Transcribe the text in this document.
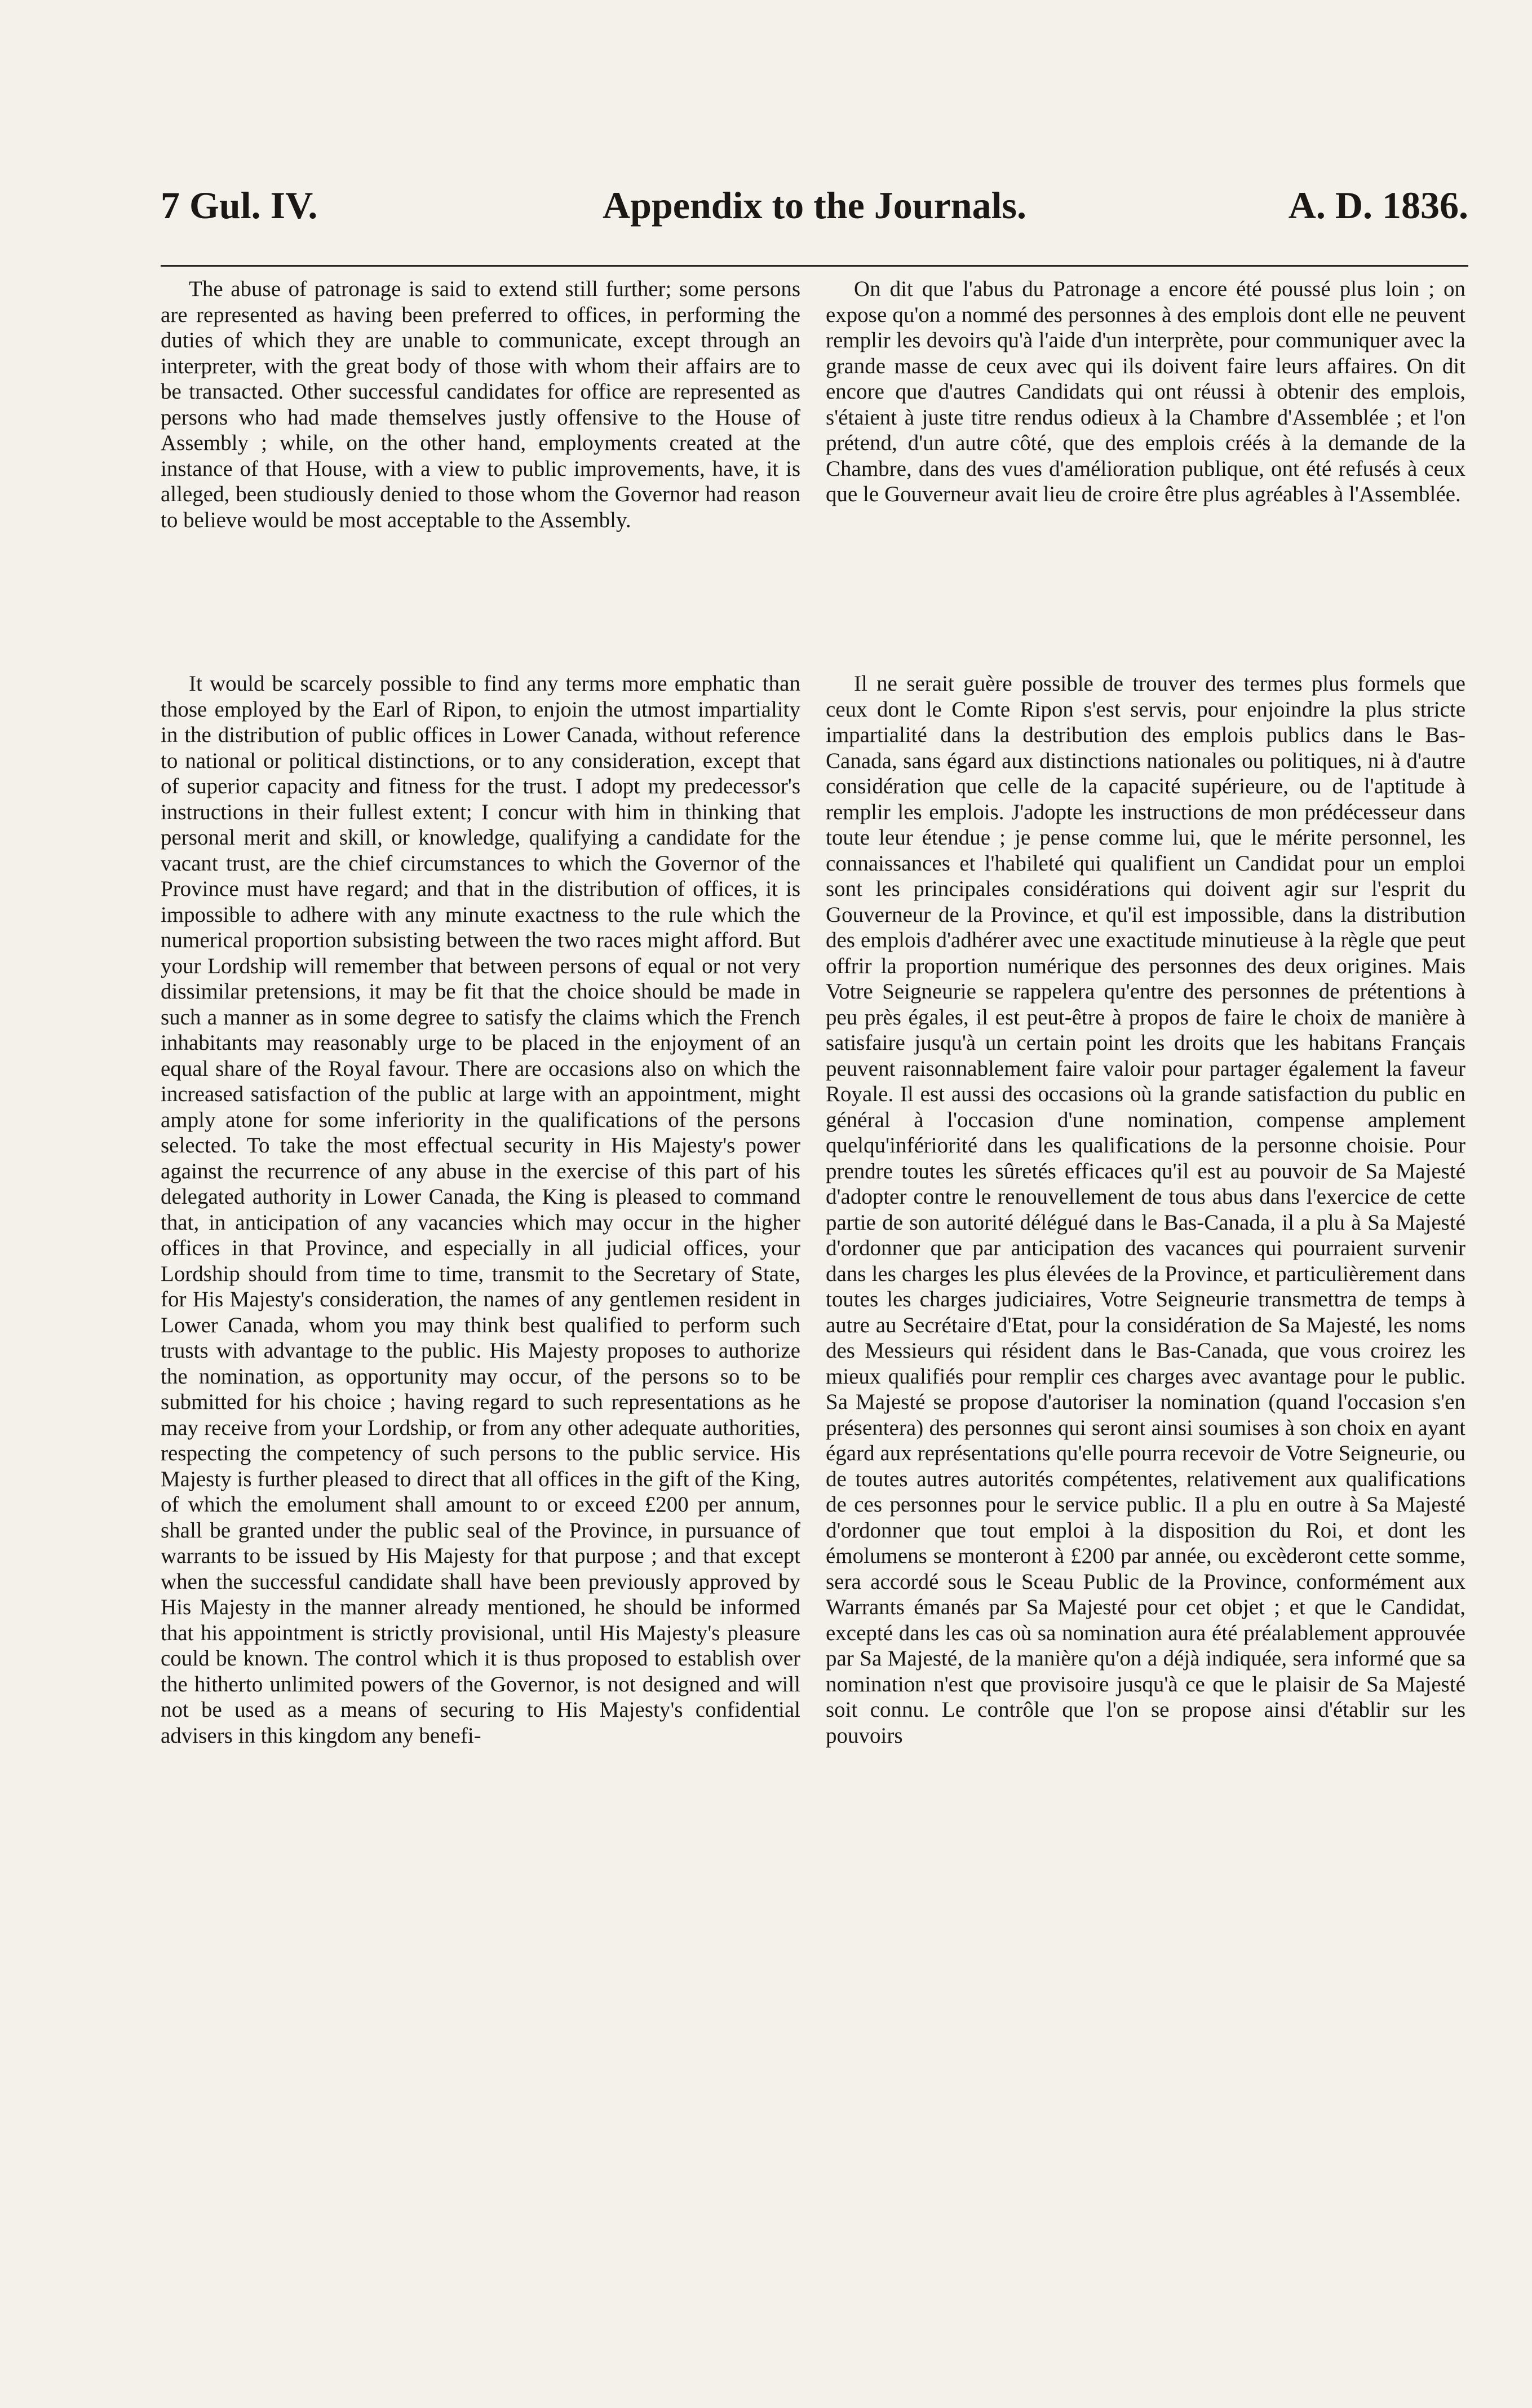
7 Gul. IV.	Appendix to the Journals.	A. D. 1836.

The abuse of patronage is said to extend still further; some persons are represented as having been preferred to offices, in performing the duties of which they are unable to communicate, except through an interpreter, with the great body of those with whom their affairs are to be transacted. Other successful candidates for office are represented as persons who had made themselves justly offensive to the House of Assembly ; while, on the other hand, employments created at the instance of that House, with a view to public improvements, have, it is alleged, been studiously denied to those whom the Governor had reason to believe would be most acceptable to the Assembly.

It would be scarcely possible to find any terms more emphatic than those employed by the Earl of Ripon, to enjoin the utmost impartiality in the distribution of public offices in Lower Canada, without reference to national or political distinctions, or to any consideration, except that of superior capacity and fitness for the trust. I adopt my predecessor's instructions in their fullest extent; I concur with him in thinking that personal merit and skill, or knowledge, qualifying a candidate for the vacant trust, are the chief circumstances to which the Governor of the Province must have regard; and that in the distribution of offices, it is impossible to adhere with any minute exactness to the rule which the numerical proportion subsisting between the two races might afford. But your Lordship will remember that between persons of equal or not very dissimilar pretensions, it may be fit that the choice should be made in such a manner as in some degree to satisfy the claims which the French inhabitants may reasonably urge to be placed in the enjoyment of an equal share of the Royal favour. There are occasions also on which the increased satisfaction of the public at large with an appointment, might amply atone for some inferiority in the qualifications of the persons selected. To take the most effectual security in His Majesty's power against the recurrence of any abuse in the exercise of this part of his delegated authority in Lower Canada, the King is pleased to command that, in anticipation of any vacancies which may occur in the higher offices in that Province, and especially in all judicial offices, your Lordship should from time to time, transmit to the Secretary of State, for His Majesty's consideration, the names of any gentlemen resident in Lower Canada, whom you may think best qualified to perform such trusts with advantage to the public. His Majesty proposes to authorize the nomination, as opportunity may occur, of the persons so to be submitted for his choice ; having regard to such representations as he may receive from your Lordship, or from any other adequate authorities, respecting the competency of such persons to the public service. His Majesty is further pleased to direct that all offices in the gift of the King, of which the emolument shall amount to or exceed £200 per annum, shall be granted under the public seal of the Province, in pursuance of warrants to be issued by His Majesty for that purpose ; and that except when the successful candidate shall have been previously approved by His Majesty in the manner already mentioned, he should be informed that his appointment is strictly provisional, until His Majesty's pleasure could be known. The control which it is thus proposed to establish over the hitherto unlimited powers of the Governor, is not designed and will not be used as a means of securing to His Majesty's confidential advisers in this kingdom any benefi-

On dit que l'abus du Patronage a encore été poussé plus loin ; on expose qu'on a nommé des personnes à des emplois dont elle ne peuvent remplir les devoirs qu'à l'aide d'un interprète, pour communiquer avec la grande masse de ceux avec qui ils doivent faire leurs affaires. On dit encore que d'autres Candidats qui ont réussi à obtenir des emplois, s'étaient à juste titre rendus odieux à la Chambre d'Assemblée ; et l'on prétend, d'un autre côté, que des emplois créés à la demande de la Chambre, dans des vues d'amélioration publique, ont été refusés à ceux que le Gouverneur avait lieu de croire être plus agréables à l'Assemblée.

Il ne serait guère possible de trouver des termes plus formels que ceux dont le Comte Ripon s'est servis, pour enjoindre la plus stricte impartialité dans la destribution des emplois publics dans le Bas-Canada, sans égard aux distinctions nationales ou politiques, ni à d'autre considération que celle de la capacité supérieure, ou de l'aptitude à remplir les emplois. J'adopte les instructions de mon prédécesseur dans toute leur étendue ; je pense comme lui, que le mérite personnel, les connaissances et l'habileté qui qualifient un Candidat pour un emploi sont les principales considérations qui doivent agir sur l'esprit du Gouverneur de la Province, et qu'il est impossible, dans la distribution des emplois d'adhérer avec une exactitude minutieuse à la règle que peut offrir la proportion numérique des personnes des deux origines. Mais Votre Seigneurie se rappelera qu'entre des personnes de prétentions à peu près égales, il est peut-être à propos de faire le choix de manière à satisfaire jusqu'à un certain point les droits que les habitans Français peuvent raisonnablement faire valoir pour partager également la faveur Royale. Il est aussi des occasions où la grande satisfaction du public en général à l'occasion d'une nomination, compense amplement quelqu'infériorité dans les qualifications de la personne choisie. Pour prendre toutes les sûretés efficaces qu'il est au pouvoir de Sa Majesté d'adopter contre le renouvellement de tous abus dans l'exercice de cette partie de son autorité délégué dans le Bas-Canada, il a plu à Sa Majesté d'ordonner que par anticipation des vacances qui pourraient survenir dans les charges les plus élevées de la Province, et particulièrement dans toutes les charges judiciaires, Votre Seigneurie transmettra de temps à autre au Secrétaire d'Etat, pour la considération de Sa Majesté, les noms des Messieurs qui résident dans le Bas-Canada, que vous croirez les mieux qualifiés pour remplir ces charges avec avantage pour le public. Sa Majesté se propose d'autoriser la nomination (quand l'occasion s'en présentera) des personnes qui seront ainsi soumises à son choix en ayant égard aux représentations qu'elle pourra recevoir de Votre Seigneurie, ou de toutes autres autorités compétentes, relativement aux qualifications de ces personnes pour le service public. Il a plu en outre à Sa Majesté d'ordonner que tout emploi à la disposition du Roi, et dont les émolumens se monteront à £200 par année, ou excèderont cette somme, sera accordé sous le Sceau Public de la Province, conformément aux Warrants émanés par Sa Majesté pour cet objet ; et que le Candidat, excepté dans les cas où sa nomination aura été préalablement approuvée par Sa Majesté, de la manière qu'on a déjà indiquée, sera informé que sa nomination n'est que provisoire jusqu'à ce que le plaisir de Sa Majesté soit connu. Le contrôle que l'on se propose ainsi d'établir sur les pouvoirs
